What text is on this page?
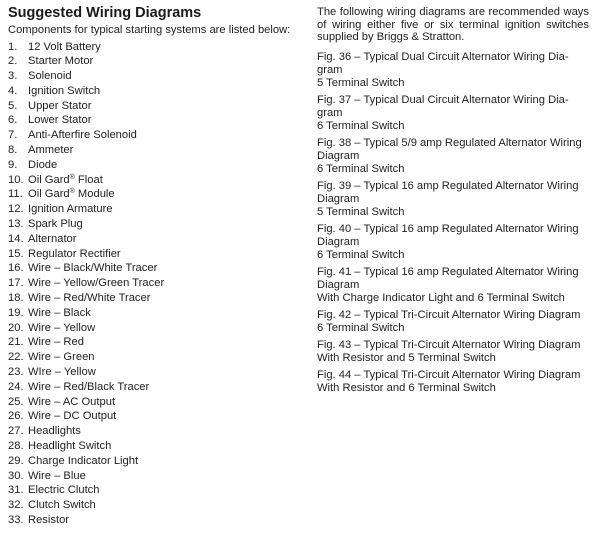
Suggested Wiring Diagrams
Components for typical starting systems are listed below:
1. 12 Volt Battery
2. Starter Motor
3. Solenoid
4. Ignition Switch
5. Upper Stator
6. Lower Stator
7. Anti-Afterfire Solenoid
8. Ammeter
9. Diode
10. Oil Gard® Float
11. Oil Gard® Module
12. Ignition Armature
13. Spark Plug
14. Alternator
15. Regulator Rectifier
16. Wire – Black/White Tracer
17. Wire – Yellow/Green Tracer
18. Wire – Red/White Tracer
19. Wire – Black
20. Wire – Yellow
21. Wire – Red
22. Wire – Green
23. WIre – Yellow
24. Wire – Red/Black Tracer
25. Wire – AC Output
26. Wire – DC Output
27. Headlights
28. Headlight Switch
29. Charge Indicator Light
30. Wire – Blue
31. Electric Clutch
32. Clutch Switch
33. Resistor
The following wiring diagrams are recommended ways of wiring either five or six terminal ignition switches supplied by Briggs & Stratton.
Fig. 36 – Typical Dual Circuit Alternator Wiring Dia-
gram
5 Terminal Switch
Fig. 37 – Typical Dual Circuit Alternator Wiring Dia-
gram
6 Terminal Switch
Fig. 38 – Typical 5/9 amp Regulated Alternator Wiring
Diagram
6 Terminal Switch
Fig. 39 – Typical 16 amp Regulated Alternator Wiring
Diagram
5 Terminal Switch
Fig. 40 – Typical 16 amp Regulated Alternator Wiring
Diagram
6 Terminal Switch
Fig. 41 – Typical 16 amp Regulated Alternator Wiring
Diagram
With Charge Indicator Light and 6 Terminal Switch
Fig. 42 – Typical Tri-Circuit Alternator Wiring Diagram
6 Terminal Switch
Fig. 43 – Typical Tri-Circuit Alternator Wiring Diagram
With Resistor and 5 Terminal Switch
Fig. 44 – Typical Tri-Circuit Alternator Wiring Diagram
With Resistor and 6 Terminal Switch
